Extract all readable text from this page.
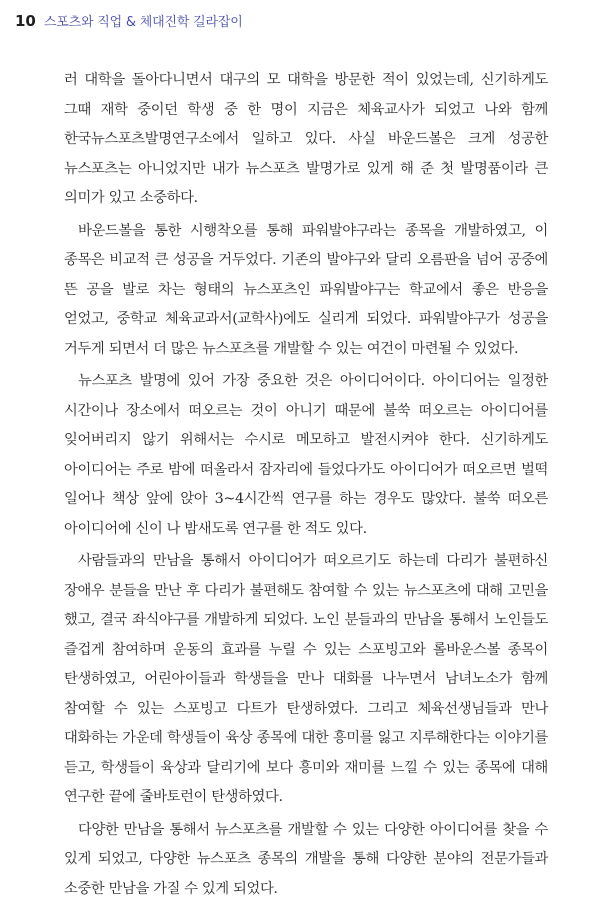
10 스포츠와 직업 & 체대진학 길라잡이

러 대학을 돌아다니면서 대구의 모 대학을 방문한 적이 있었는데, 신기하게도 그때 재학 중이던 학생 중 한 명이 지금은 체육교사가 되었고 나와 함께 한국뉴스포츠발명연구소에서 일하고 있다. 사실 바운드볼은 크게 성공한 뉴스포츠는 아니었지만 내가 뉴스포츠 발명가로 있게 해 준 첫 발명품이라 큰 의미가 있고 소중하다.

바운드볼을 통한 시행착오를 통해 파워발야구라는 종목을 개발하였고, 이 종목은 비교적 큰 성공을 거두었다. 기존의 발야구와 달리 오름판을 넘어 공중에 뜬 공을 발로 차는 형태의 뉴스포츠인 파워발야구는 학교에서 좋은 반응을 얻었고, 중학교 체육교과서(교학사)에도 실리게 되었다. 파워발야구가 성공을 거두게 되면서 더 많은 뉴스포츠를 개발할 수 있는 여건이 마련될 수 있었다.

뉴스포츠 발명에 있어 가장 중요한 것은 아이디어이다. 아이디어는 일정한 시간이나 장소에서 떠오르는 것이 아니기 때문에 불쑥 떠오르는 아이디어를 잊어버리지 않기 위해서는 수시로 메모하고 발전시켜야 한다. 신기하게도 아이디어는 주로 밤에 떠올라서 잠자리에 들었다가도 아이디어가 떠오르면 벌떡 일어나 책상 앞에 앉아 3~4시간씩 연구를 하는 경우도 많았다. 불쑥 떠오른 아이디어에 신이 나 밤새도록 연구를 한 적도 있다.

사람들과의 만남을 통해서 아이디어가 떠오르기도 하는데 다리가 불편하신 장애우 분들을 만난 후 다리가 불편해도 참여할 수 있는 뉴스포츠에 대해 고민을 했고, 결국 좌식야구를 개발하게 되었다. 노인 분들과의 만남을 통해서 노인들도 즐겁게 참여하며 운동의 효과를 누릴 수 있는 스포빙고와 롤바운스볼 종목이 탄생하였고, 어린아이들과 학생들을 만나 대화를 나누면서 남녀노소가 함께 참여할 수 있는 스포빙고 다트가 탄생하였다. 그리고 체육선생님들과 만나 대화하는 가운데 학생들이 육상 종목에 대한 흥미를 잃고 지루해한다는 이야기를 듣고, 학생들이 육상과 달리기에 보다 흥미와 재미를 느낄 수 있는 종목에 대해 연구한 끝에 줄바토런이 탄생하였다.

다양한 만남을 통해서 뉴스포츠를 개발할 수 있는 다양한 아이디어를 찾을 수 있게 되었고, 다양한 뉴스포츠 종목의 개발을 통해 다양한 분야의 전문가들과 소중한 만남을 가질 수 있게 되었다.
